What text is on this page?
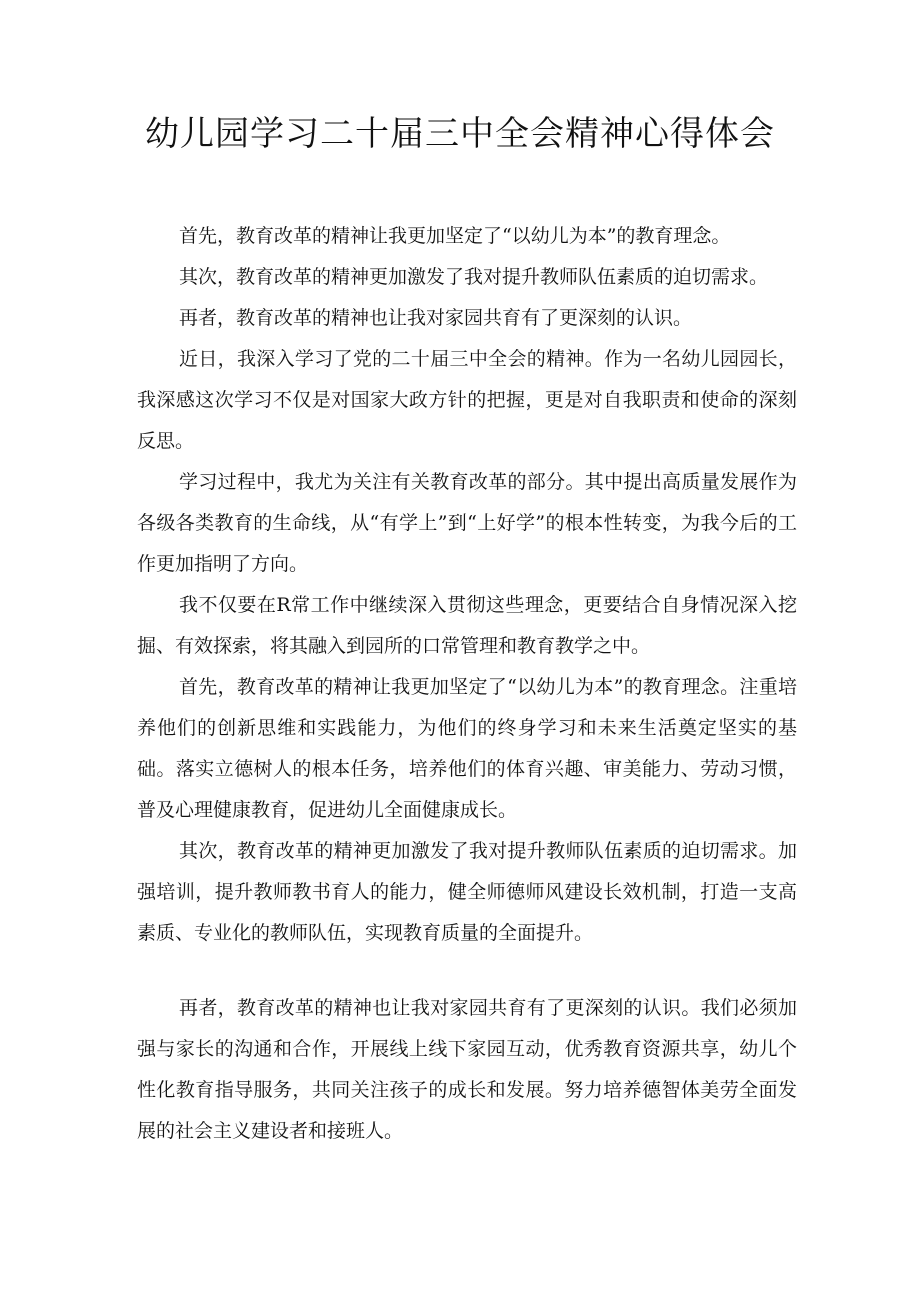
幼儿园学习二十届三中全会精神心得体会

首先，教育改革的精神让我更加坚定了“以幼儿为本”的教育理念。

其次，教育改革的精神更加激发了我对提升教师队伍素质的迫切需求。

再者，教育改革的精神也让我对家园共育有了更深刻的认识。

近日，我深入学习了党的二十届三中全会的精神。作为一名幼儿园园长，我深感这次学习不仅是对国家大政方针的把握，更是对自我职责和使命的深刻反思。

学习过程中，我尤为关注有关教育改革的部分。其中提出高质量发展作为各级各类教育的生命线，从“有学上”到“上好学”的根本性转变，为我今后的工作更加指明了方向。

我不仅要在R常工作中继续深入贯彻这些理念，更要结合自身情况深入挖掘、有效探索，将其融入到园所的口常管理和教育教学之中。

首先，教育改革的精神让我更加坚定了“以幼儿为本”的教育理念。注重培养他们的创新思维和实践能力，为他们的终身学习和未来生活奠定坚实的基础。落实立德树人的根本任务，培养他们的体育兴趣、审美能力、劳动习惯，普及心理健康教育，促进幼儿全面健康成长。

其次，教育改革的精神更加激发了我对提升教师队伍素质的迫切需求。加强培训，提升教师教书育人的能力，健全师德师风建设长效机制，打造一支高素质、专业化的教师队伍，实现教育质量的全面提升。

再者，教育改革的精神也让我对家园共育有了更深刻的认识。我们必须加强与家长的沟通和合作，开展线上线下家园互动，优秀教育资源共享，幼儿个性化教育指导服务，共同关注孩子的成长和发展。努力培养德智体美劳全面发展的社会主义建设者和接班人。
